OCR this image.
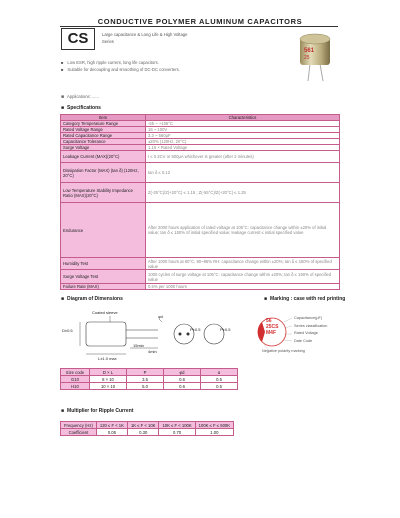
CONDUCTIVE POLYMER ALUMINUM CAPACITORS
CS	Large capacitance & Long Life & High Voltage
Series
561
25
■ Low ESR, high ripple current, long life capacitors.
■ Suitable for decoupling and smoothing of DC-DC converters.
■ Applications: ......
■ Specifications
Item	Characteristics
Category Temperature Range	-55 ~ +105°C
Rated Voltage Range	16 ~ 100V
Rated Capacitance Range	3.3 ~ 560μF
Capacitance Tolerance	±20% (120Hz, 20°C)
Surge Voltage	1.15 × Rated Voltage
Leakage Current (MAX)(20°C)	I ≤ 0.2CV or 500μA whichever is greater (after 2 minutes)
Dissipation Factor (MAX) (tan δ) (120Hz, 20°C)	tan δ ≤ 0.12
Low Temperature Stability Impedance Ratio (MAX)(20°C)	Z(-25°C)/Z(+20°C) ≤ 1.15 ; Z(-55°C)/Z(+20°C) ≤ 1.25
Endurance	After 2000 hours application of rated voltage at 105°C: capacitance change within ±20% of initial value; tan δ ≤ 150% of initial specified value; leakage current ≤ initial specified value
Humidity Test	After 1000 hours at 60°C, 90~95% RH: capacitance change within ±20%; tan δ ≤ 150% of specified value
Surge Voltage Test	1000 cycles of surge voltage at 105°C: capacitance change within ±20%; tan δ ≤ 150% of specified value
Failure Rate (MAX)	0.5% per 1000 hours
■ Diagram of Dimensions	■ Marking : case with red printing
Coated sleeve
D±0.5
L±1.0 max
15min
4min
φd
P±0.5	P±0.5
56
25CS
M4F
Capacitance(μF)
Series classification
Rated Voltage
Date Code
Negative polarity marking
Size code	D × L	P	φd	α
G10	8 × 10	3.5	0.6	0.5
H10	10 × 10	5.0	0.6	0.5
■ Multiplier for Ripple Current
Frequency (Hz)	120 ≤ F < 1K	1K ≤ F < 10K	10K ≤ F < 100K	100K ≤ F ≤ 500K
Coefficient	0.05	0.30	0.70	1.00
